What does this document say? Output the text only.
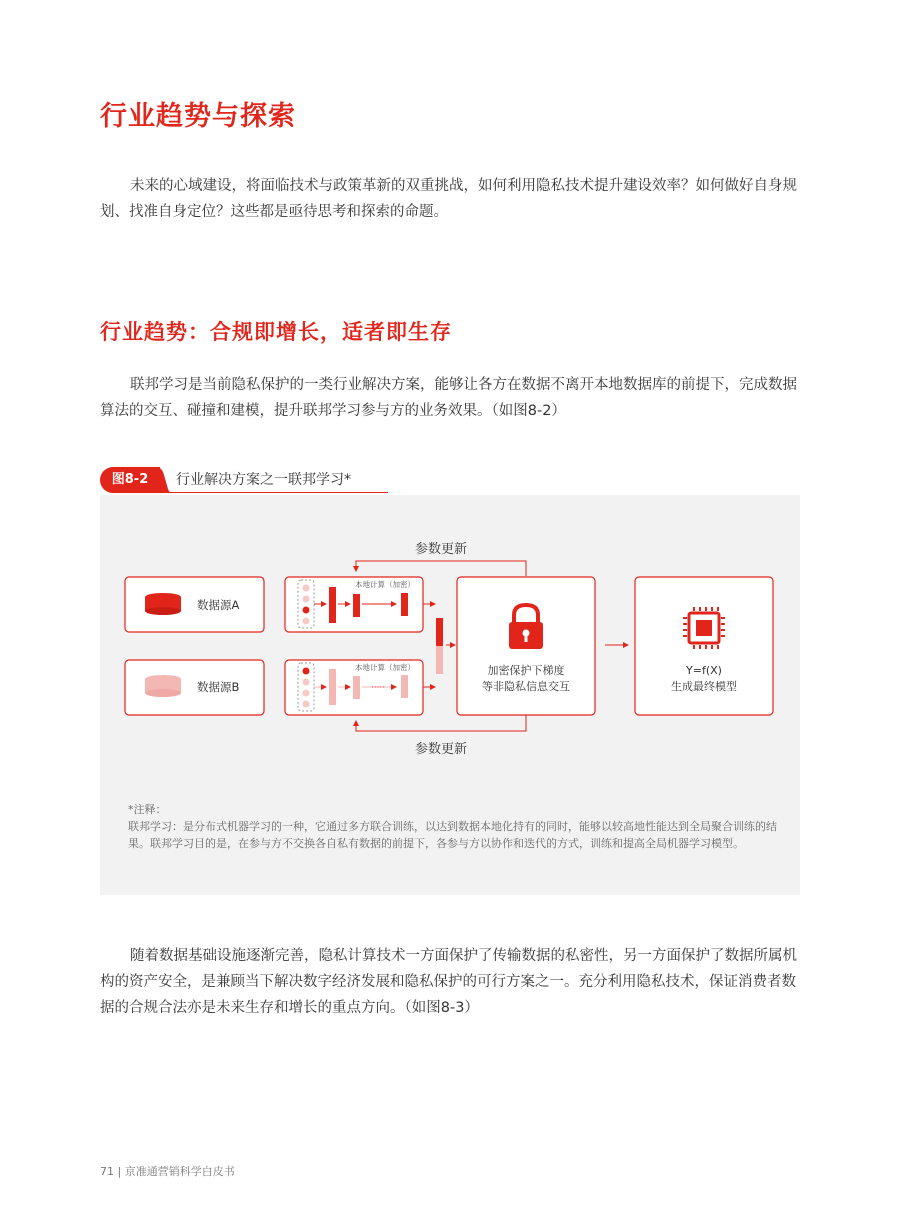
行业趋势与探索
未来的心域建设，将面临技术与政策革新的双重挑战，如何利用隐私技术提升建设效率？如何做好自身规划、找准自身定位？这些都是亟待思考和探索的命题。
行业趋势：合规即增长，适者即生存
联邦学习是当前隐私保护的一类行业解决方案，能够让各方在数据不离开本地数据库的前提下，完成数据算法的交互、碰撞和建模，提升联邦学习参与方的业务效果。（如图8-2）
图8-2	行业解决方案之一联邦学习*
参数更新
参数更新
数据源A
数据源B
本地计算（加密）
·····
本地计算（加密）
·····
加密保护下梯度
等非隐私信息交互
Y=f(X)
生成最终模型
*注释：
联邦学习：是分布式机器学习的一种，它通过多方联合训练，以达到数据本地化持有的同时，能够以较高地性能达到全局聚合训练的结果。联邦学习目的是，在参与方不交换各自私有数据的前提下，各参与方以协作和迭代的方式，训练和提高全局机器学习模型。
随着数据基础设施逐渐完善，隐私计算技术一方面保护了传输数据的私密性，另一方面保护了数据所属机构的资产安全，是兼顾当下解决数字经济发展和隐私保护的可行方案之一。充分利用隐私技术，保证消费者数据的合规合法亦是未来生存和增长的重点方向。（如图8-3）
71 | 京准通营销科学白皮书
